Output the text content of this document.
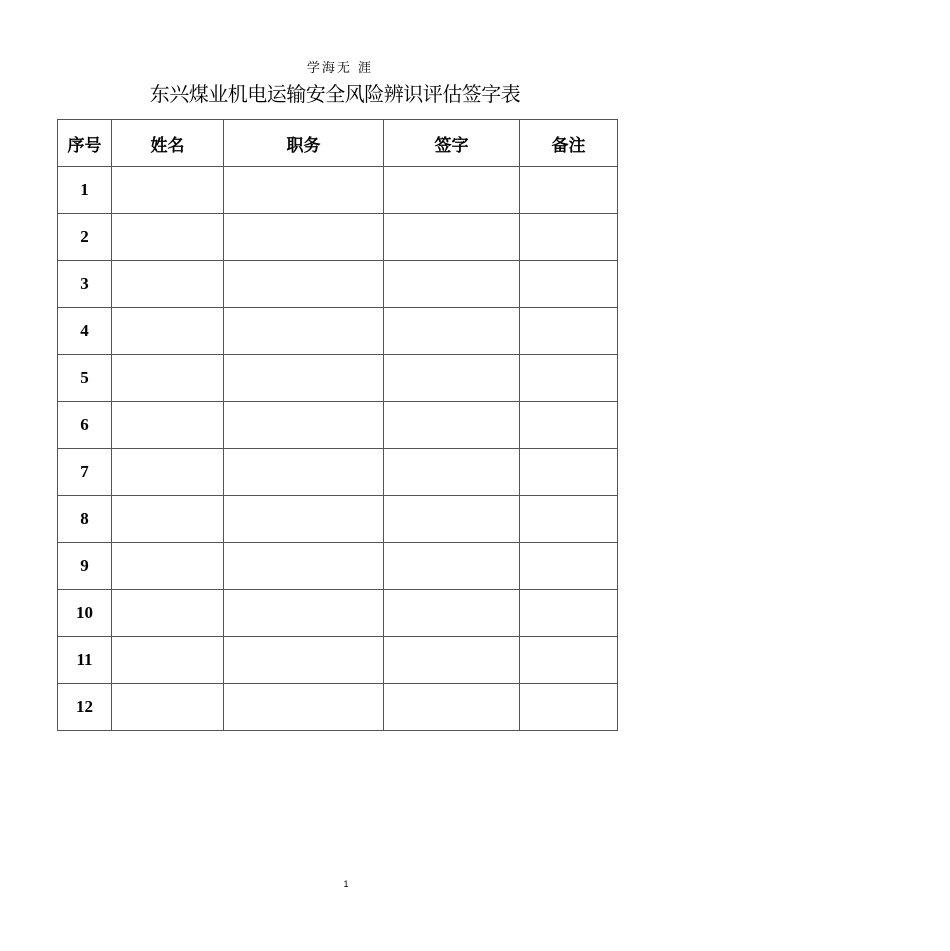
学海无 涯
东兴煤业机电运输安全风险辨识评估签字表
序号	姓名	职务	签字	备注
1				
2				
3				
4				
5				
6				
7				
8				
9				
10				
11				
12				
1
